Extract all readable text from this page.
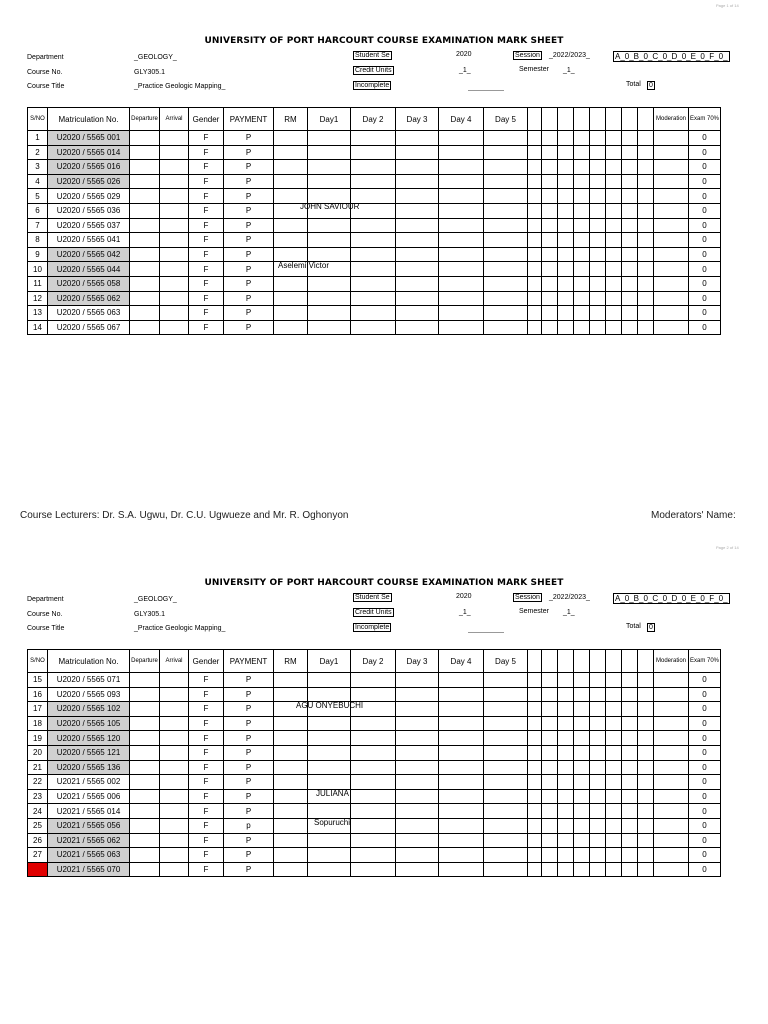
Page 1 of 14
UNIVERSITY OF PORT HARCOURT COURSE EXAMINATION MARK SHEET
Department	_GEOLOGY_
Course No.	GLY305.1
Course Title	_Practice Geologic Mapping_
Student Se	2020	Session _2022/2023_	A_0_B_0_C_0_D_0_E_0_F_0_
Credit Units	_1_	Semester _1_
Incomplete	Total 0
S/NO	Matriculation No.	Departure	Arrival	Gender	PAYMENT	RM	Day1	Day 2	Day 3	Day 4	Day 5									Moderation	Exam 70%
1	U2020 / 5565 001			F	P																0
2	U2020 / 5565 014			F	P																0
3	U2020 / 5565 016			F	P																0
4	U2020 / 5565 026			F	P																0
5	U2020 / 5565 029			F	P																0
6	U2020 / 5565 036			F	P																0
7	U2020 / 5565 037			F	P																0
8	U2020 / 5565 041			F	P																0
9	U2020 / 5565 042			F	P																0
10	U2020 / 5565 044			F	P																0
11	U2020 / 5565 058			F	P																0
12	U2020 / 5565 062			F	P																0
13	U2020 / 5565 063			F	P																0
14	U2020 / 5565 067			F	P																0
JOHN SAVIOUR
Aselemi Victor
Course Lecturers: Dr. S.A. Ugwu, Dr. C.U. Ugwueze and Mr. R. Oghonyon	Moderators' Name:
Page 2 of 14
UNIVERSITY OF PORT HARCOURT COURSE EXAMINATION MARK SHEET
Department	_GEOLOGY_
Course No.	GLY305.1
Course Title	_Practice Geologic Mapping_
Student Se	2020	Session _2022/2023_	A_0_B_0_C_0_D_0_E_0_F_0_
Credit Units	_1_	Semester _1_
Incomplete	Total 0
S/NO	Matriculation No.	Departure	Arrival	Gender	PAYMENT	RM	Day1	Day 2	Day 3	Day 4	Day 5									Moderation	Exam 70%
15	U2020 / 5565 071			F	P																0
16	U2020 / 5565 093			F	P																0
17	U2020 / 5565 102			F	P																0
18	U2020 / 5565 105			F	P																0
19	U2020 / 5565 120			F	P																0
20	U2020 / 5565 121			F	P																0
21	U2020 / 5565 136			F	P																0
22	U2021 / 5565 002			F	P																0
23	U2021 / 5565 006			F	P																0
24	U2021 / 5565 014			F	P																0
25	U2021 / 5565 056			F	p																0
26	U2021 / 5565 062			F	P																0
27	U2021 / 5565 063			F	P																0
28	U2021 / 5565 070			F	P																0
AGU ONYEBUCHI
JULIANA
Sopuruchi
